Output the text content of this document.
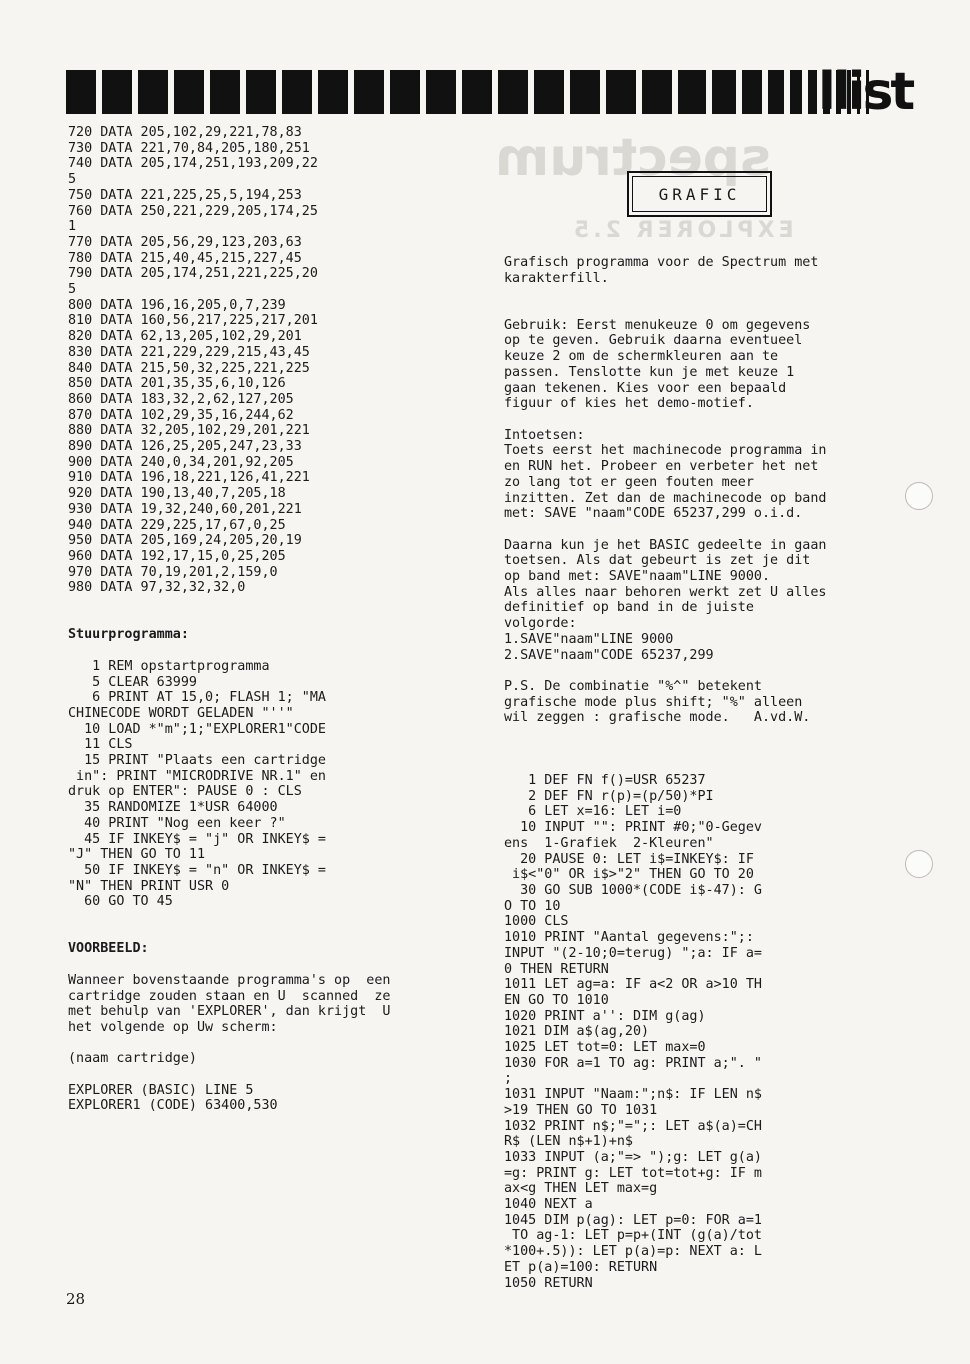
spectrum
EXPLORER 2.5
llist
720 DATA 205,102,29,221,78,83
730 DATA 221,70,84,205,180,251
740 DATA 205,174,251,193,209,22
5
750 DATA 221,225,25,5,194,253
760 DATA 250,221,229,205,174,25
1
770 DATA 205,56,29,123,203,63
780 DATA 215,40,45,215,227,45
790 DATA 205,174,251,221,225,20
5
800 DATA 196,16,205,0,7,239
810 DATA 160,56,217,225,217,201
820 DATA 62,13,205,102,29,201
830 DATA 221,229,229,215,43,45
840 DATA 215,50,32,225,221,225
850 DATA 201,35,35,6,10,126
860 DATA 183,32,2,62,127,205
870 DATA 102,29,35,16,244,62
880 DATA 32,205,102,29,201,221
890 DATA 126,25,205,247,23,33
900 DATA 240,0,34,201,92,205
910 DATA 196,18,221,126,41,221
920 DATA 190,13,40,7,205,18
930 DATA 19,32,240,60,201,221
940 DATA 229,225,17,67,0,25
950 DATA 205,169,24,205,20,19
960 DATA 192,17,15,0,25,205
970 DATA 70,19,201,2,159,0
980 DATA 97,32,32,32,0
Stuurprogramma:
1 REM opstartprogramma
5 CLEAR 63999
6 PRINT AT 15,0; FLASH 1; "MA
CHINECODE WORDT GELADEN "''"
10 LOAD *"m";1;"EXPLORER1"CODE
11 CLS
15 PRINT "Plaats een cartridge
in": PRINT "MICRODRIVE NR.1" en
druk op ENTER": PAUSE 0 : CLS
35 RANDOMIZE 1*USR 64000
40 PRINT "Nog een keer ?"
45 IF INKEY$ = "j" OR INKEY$ =
"J" THEN GO TO 11
50 IF INKEY$ = "n" OR INKEY$ =
"N" THEN PRINT USR 0
60 GO TO 45
VOORBEELD:
Wanneer bovenstaande programma's op  een
cartridge zouden staan en U  scanned  ze
met behulp van 'EXPLORER', dan krijgt  U
het volgende op Uw scherm:
(naam cartridge)
EXPLORER (BASIC) LINE 5
EXPLORER1 (CODE) 63400,530
GRAFIC
Grafisch programma voor de Spectrum met
karakterfill.
Gebruik: Eerst menukeuze 0 om gegevens
op te geven. Gebruik daarna eventueel
keuze 2 om de schermkleuren aan te
passen. Tenslotte kun je met keuze 1
gaan tekenen. Kies voor een bepaald
figuur of kies het demo-motief.
Intoetsen:
Toets eerst het machinecode programma in
en RUN het. Probeer en verbeter het net
zo lang tot er geen fouten meer
inzitten. Zet dan de machinecode op band
met: SAVE "naam"CODE 65237,299 o.i.d.
Daarna kun je het BASIC gedeelte in gaan
toetsen. Als dat gebeurt is zet je dit
op band met: SAVE"naam"LINE 9000.
Als alles naar behoren werkt zet U alles
definitief op band in de juiste
volgorde:
1.SAVE"naam"LINE 9000
2.SAVE"naam"CODE 65237,299
P.S. De combinatie "%^" betekent
grafische mode plus shift; "%" alleen
wil zeggen : grafische mode.   A.vd.W.
1 DEF FN f()=USR 65237
2 DEF FN r(p)=(p/50)*PI
6 LET x=16: LET i=0
10 INPUT "": PRINT #0;"0-Gegev
ens  1-Grafiek  2-Kleuren"
20 PAUSE 0: LET i$=INKEY$: IF
i$<"0" OR i$>"2" THEN GO TO 20
30 GO SUB 1000*(CODE i$-47): G
O TO 10
1000 CLS
1010 PRINT "Aantal gegevens:";:
INPUT "(2-10;0=terug) ";a: IF a=
0 THEN RETURN
1011 LET ag=a: IF a<2 OR a>10 TH
EN GO TO 1010
1020 PRINT a'': DIM g(ag)
1021 DIM a$(ag,20)
1025 LET tot=0: LET max=0
1030 FOR a=1 TO ag: PRINT a;". "
;
1031 INPUT "Naam:";n$: IF LEN n$
>19 THEN GO TO 1031
1032 PRINT n$;"=";: LET a$(a)=CH
R$ (LEN n$+1)+n$
1033 INPUT (a;"=> ");g: LET g(a)
=g: PRINT g: LET tot=tot+g: IF m
ax<g THEN LET max=g
1040 NEXT a
1045 DIM p(ag): LET p=0: FOR a=1
TO ag-1: LET p=p+(INT (g(a)/tot
*100+.5)): LET p(a)=p: NEXT a: L
ET p(a)=100: RETURN
1050 RETURN
28
